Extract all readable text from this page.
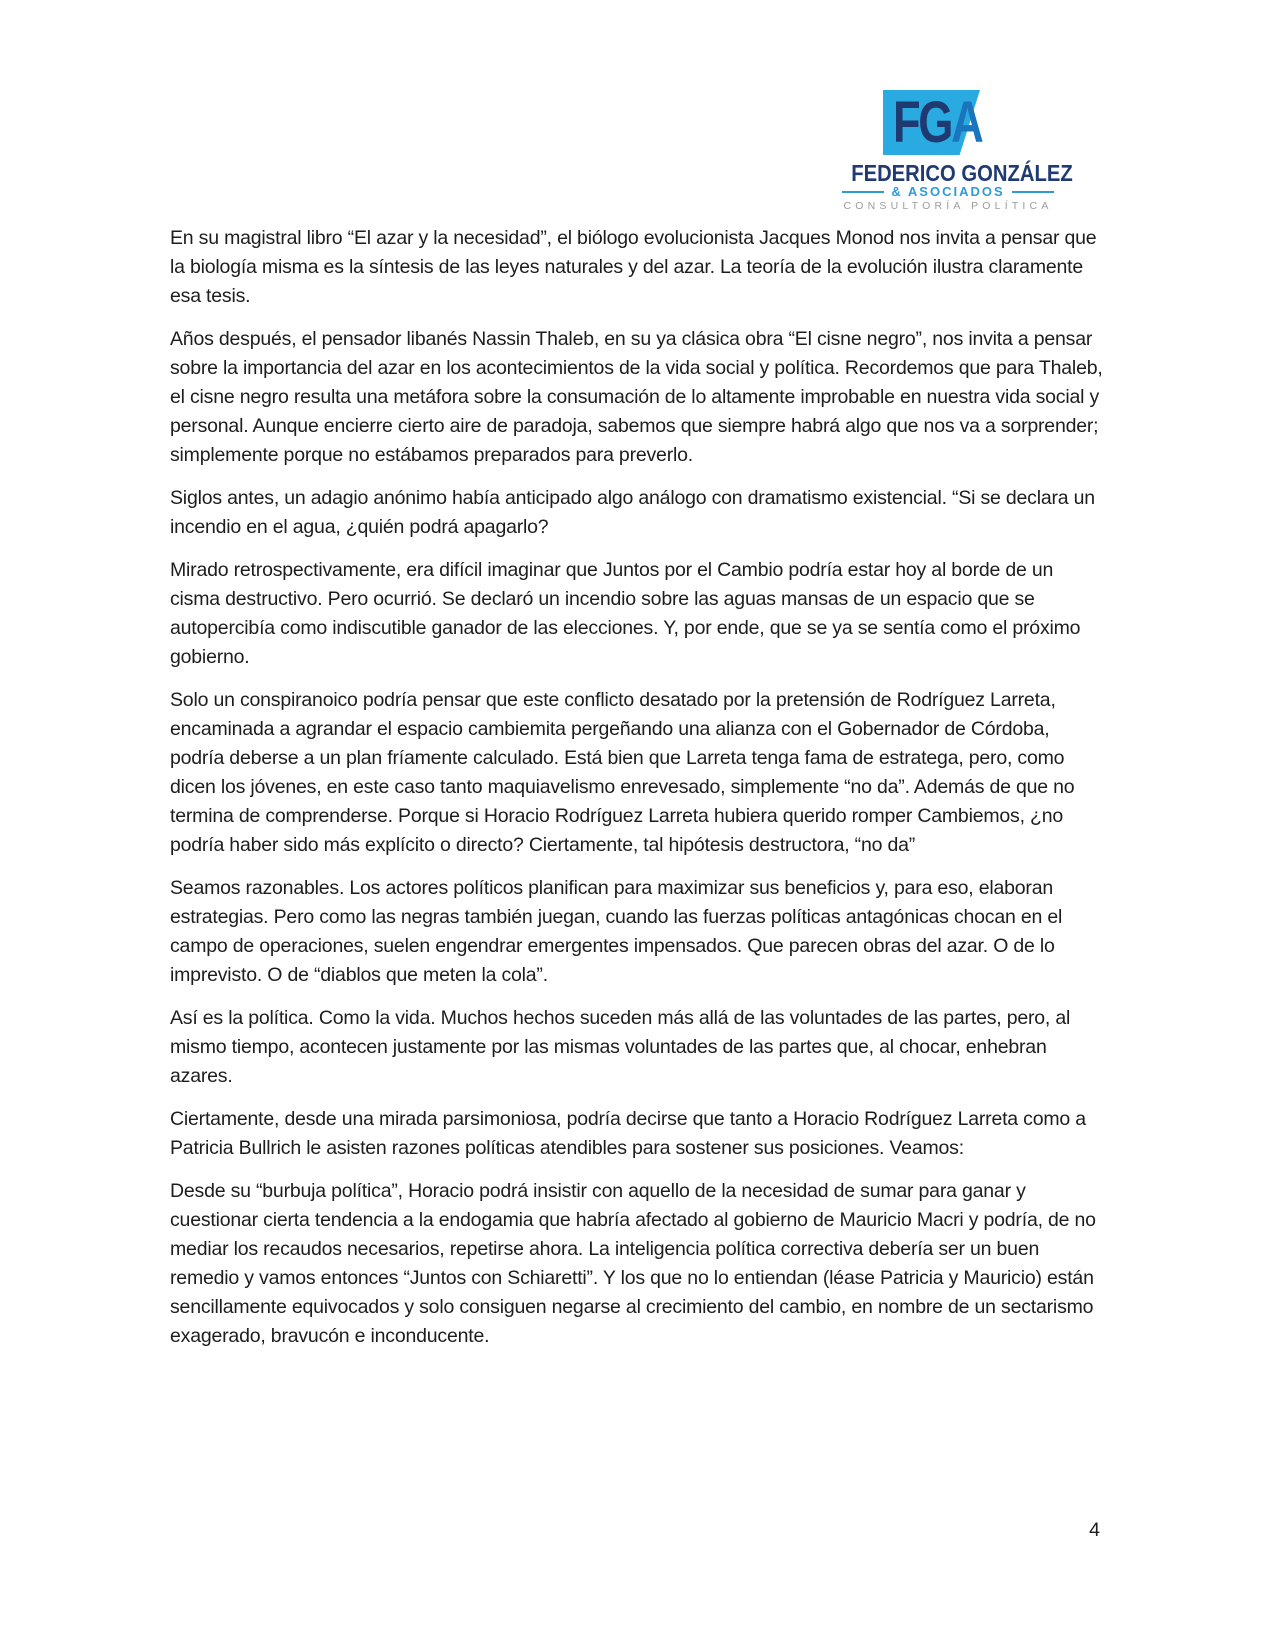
FGA
FEDERICO GONZÁLEZ
& ASOCIADOS
CONSULTORÍA POLÍTICA

En su magistral libro “El azar y la necesidad”, el biólogo evolucionista Jacques Monod nos invita a pensar que la biología misma es la síntesis de las leyes naturales y del azar. La teoría de la evolución ilustra claramente esa tesis.

Años después, el pensador libanés Nassin Thaleb, en su ya clásica obra “El cisne negro”, nos invita a pensar sobre la importancia del azar en los acontecimientos de la vida social y política. Recordemos que para Thaleb, el cisne negro resulta una metáfora sobre la consumación de lo altamente improbable en nuestra vida social y personal. Aunque encierre cierto aire de paradoja, sabemos que siempre habrá algo que nos va a sorprender; simplemente porque no estábamos preparados para preverlo.

Siglos antes, un adagio anónimo había anticipado algo análogo con dramatismo existencial. “Si se declara un incendio en el agua, ¿quién podrá apagarlo?

Mirado retrospectivamente, era difícil imaginar que Juntos por el Cambio podría estar hoy al borde de un cisma destructivo. Pero ocurrió. Se declaró un incendio sobre las aguas mansas de un espacio que se autopercibía como indiscutible ganador de las elecciones. Y, por ende, que se ya se sentía como el próximo gobierno.

Solo un conspiranoico podría pensar que este conflicto desatado por la pretensión de Rodríguez Larreta, encaminada a agrandar el espacio cambiemita pergeñando una alianza con el Gobernador de Córdoba, podría deberse a un plan fríamente calculado. Está bien que Larreta tenga fama de estratega, pero, como dicen los jóvenes, en este caso tanto maquiavelismo enrevesado, simplemente “no da”. Además de que no termina de comprenderse. Porque si Horacio Rodríguez Larreta hubiera querido romper Cambiemos, ¿no podría haber sido más explícito o directo? Ciertamente, tal hipótesis destructora, “no da”

Seamos razonables. Los actores políticos planifican para maximizar sus beneficios y, para eso, elaboran estrategias. Pero como las negras también juegan, cuando las fuerzas políticas antagónicas chocan en el campo de operaciones, suelen engendrar emergentes impensados. Que parecen obras del azar. O de lo imprevisto. O de “diablos que meten la cola”.

Así es la política. Como la vida. Muchos hechos suceden más allá de las voluntades de las partes, pero, al mismo tiempo, acontecen justamente por las mismas voluntades de las partes que, al chocar, enhebran azares.

Ciertamente, desde una mirada parsimoniosa, podría decirse que tanto a Horacio Rodríguez Larreta como a Patricia Bullrich le asisten razones políticas atendibles para sostener sus posiciones. Veamos:

Desde su “burbuja política”, Horacio podrá insistir con aquello de la necesidad de sumar para ganar y cuestionar cierta tendencia a la endogamia que habría afectado al gobierno de Mauricio Macri y podría, de no mediar los recaudos necesarios, repetirse ahora. La inteligencia política correctiva debería ser un buen remedio y vamos entonces “Juntos con Schiaretti”. Y los que no lo entiendan (léase Patricia y Mauricio) están sencillamente equivocados y solo consiguen negarse al crecimiento del cambio, en nombre de un sectarismo exagerado, bravucón e inconducente.

4
